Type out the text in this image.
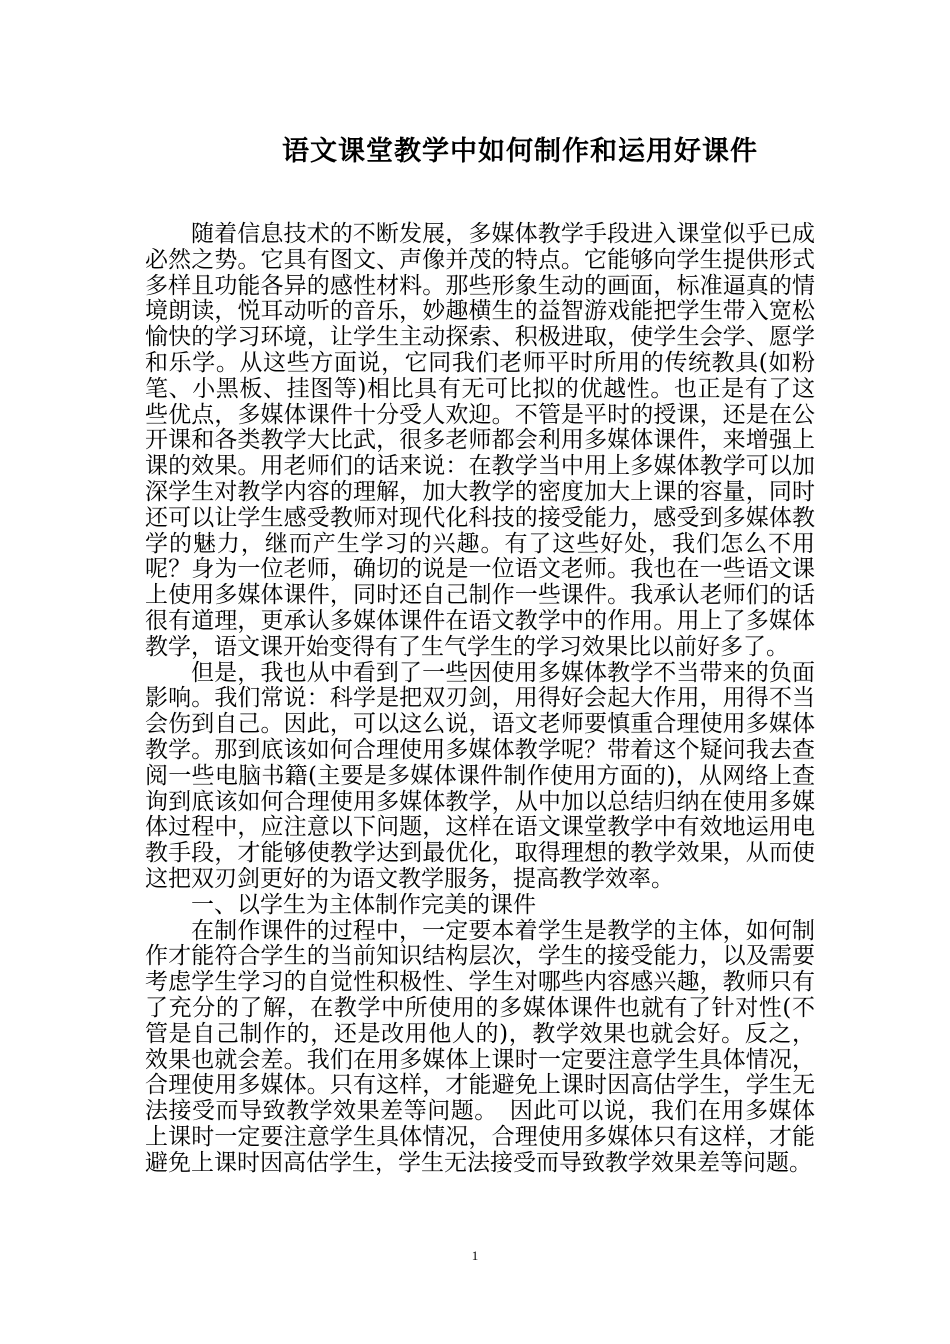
语文课堂教学中如何制作和运用好课件

随着信息技术的不断发展，多媒体教学手段进入课堂似乎已成必然之势。它具有图文、声像并茂的特点。它能够向学生提供形式多样且功能各异的感性材料。那些形象生动的画面，标准逼真的情境朗读，悦耳动听的音乐，妙趣横生的益智游戏能把学生带入宽松愉快的学习环境，让学生主动探索、积极进取，使学生会学、愿学和乐学。从这些方面说，它同我们老师平时所用的传统教具(如粉笔、小黑板、挂图等)相比具有无可比拟的优越性。也正是有了这些优点，多媒体课件十分受人欢迎。不管是平时的授课，还是在公开课和各类教学大比武，很多老师都会利用多媒体课件，来增强上课的效果。用老师们的话来说：在教学当中用上多媒体教学可以加深学生对教学内容的理解，加大教学的密度加大上课的容量，同时还可以让学生感受教师对现代化科技的接受能力，感受到多媒体教学的魅力，继而产生学习的兴趣。有了这些好处，我们怎么不用呢？身为一位老师，确切的说是一位语文老师。我也在一些语文课上使用多媒体课件，同时还自己制作一些课件。我承认老师们的话很有道理，更承认多媒体课件在语文教学中的作用。用上了多媒体教学，语文课开始变得有了生气学生的学习效果比以前好多了。

但是，我也从中看到了一些因使用多媒体教学不当带来的负面影响。我们常说：科学是把双刃剑，用得好会起大作用，用得不当会伤到自己。因此，可以这么说，语文老师要慎重合理使用多媒体教学。那到底该如何合理使用多媒体教学呢？带着这个疑问我去查阅一些电脑书籍(主要是多媒体课件制作使用方面的)，从网络上查询到底该如何合理使用多媒体教学，从中加以总结归纳在使用多媒体过程中，应注意以下问题，这样在语文课堂教学中有效地运用电教手段，才能够使教学达到最优化，取得理想的教学效果，从而使这把双刃剑更好的为语文教学服务，提高教学效率。

一、以学生为主体制作完美的课件

在制作课件的过程中，一定要本着学生是教学的主体，如何制作才能符合学生的当前知识结构层次，学生的接受能力，以及需要考虑学生学习的自觉性积极性、学生对哪些内容感兴趣，教师只有了充分的了解，在教学中所使用的多媒体课件也就有了针对性(不管是自己制作的，还是改用他人的)，教学效果也就会好。反之，效果也就会差。我们在用多媒体上课时一定要注意学生具体情况，合理使用多媒体。只有这样，才能避免上课时因高估学生，学生无法接受而导致教学效果差等问题。　因此可以说，我们在用多媒体上课时一定要注意学生具体情况，合理使用多媒体只有这样，才能避免上课时因高估学生，学生无法接受而导致教学效果差等问题。

1
